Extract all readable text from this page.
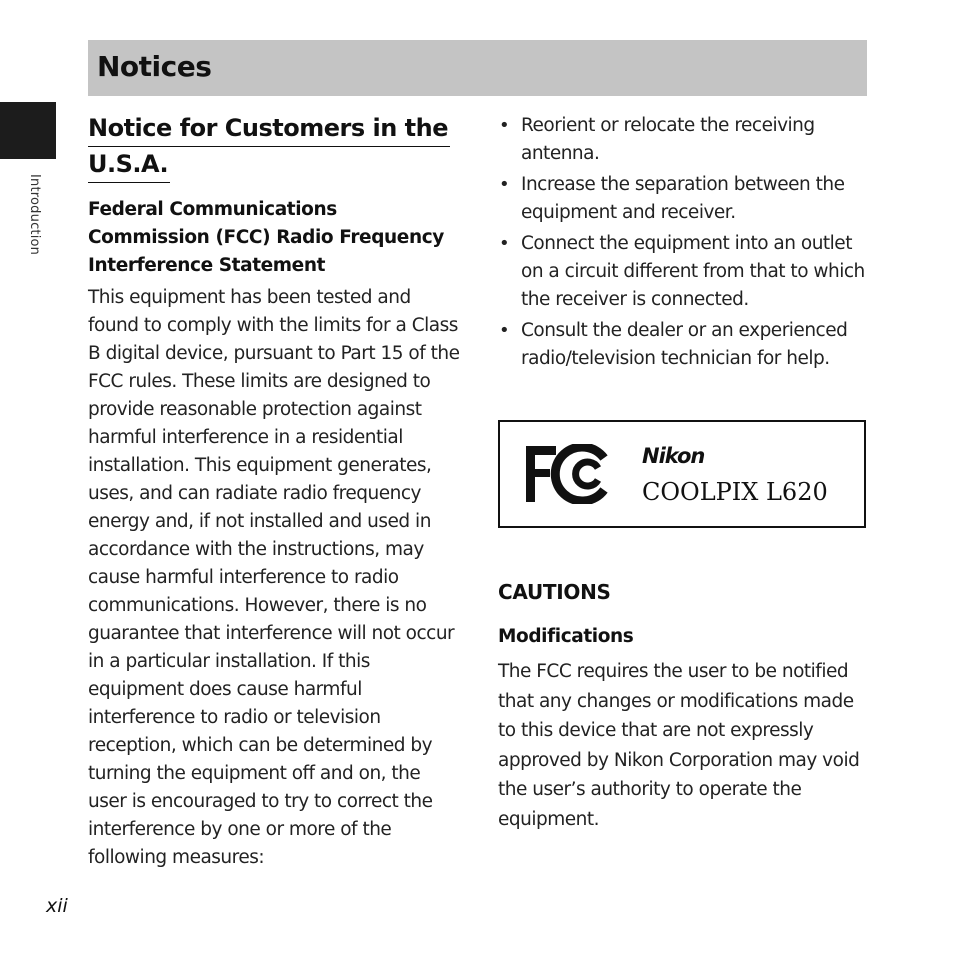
Notices
Introduction
Notice for Customers in the
U.S.A.
Federal Communications Commission (FCC) Radio Frequency Interference Statement

This equipment has been tested and found to comply with the limits for a Class B digital device, pursuant to Part 15 of the FCC rules. These limits are designed to provide reasonable protection against harmful interference in a residential installation. This equipment generates, uses, and can radiate radio frequency energy and, if not installed and used in accordance with the instructions, may cause harmful interference to radio communications. However, there is no guarantee that interference will not occur in a particular installation. If this equipment does cause harmful interference to radio or television reception, which can be determined by turning the equipment off and on, the user is encouraged to try to correct the interference by one or more of the following measures:

• Reorient or relocate the receiving antenna.
• Increase the separation between the equipment and receiver.
• Connect the equipment into an outlet on a circuit different from that to which the receiver is connected.
• Consult the dealer or an experienced radio/television technician for help.
Nikon
COOLPIX L620
CAUTIONS
Modifications

The FCC requires the user to be notified that any changes or modifications made to this device that are not expressly approved by Nikon Corporation may void the user’s authority to operate the equipment.

xii
